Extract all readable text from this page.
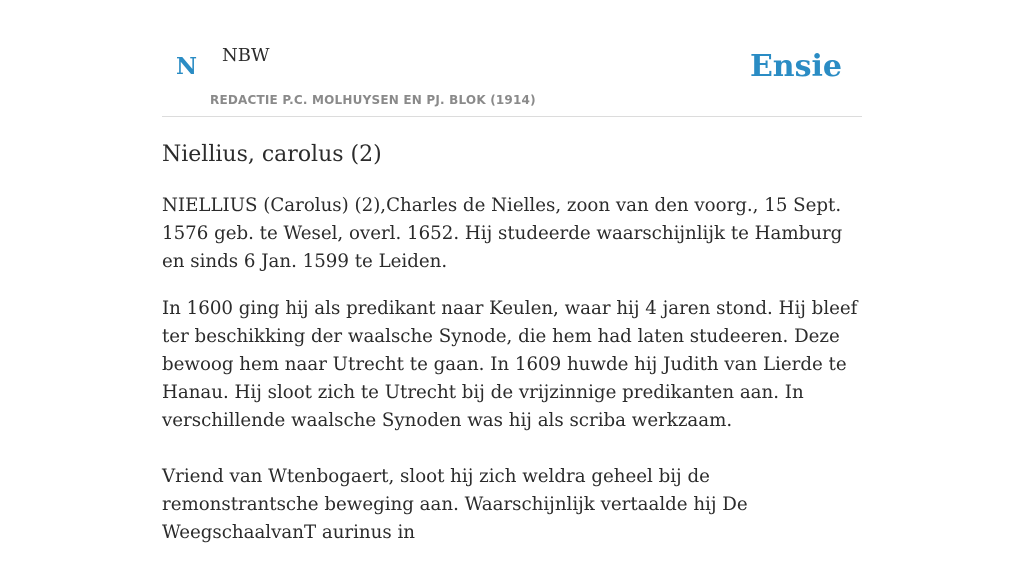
N NBW
REDACTIE P.C. MOLHUYSEN EN PJ. BLOK (1914)
Ensie
Niellius, carolus (2)

NIELLIUS (Carolus) (2),Charles de Nielles, zoon van den voorg., 15 Sept. 1576 geb. te Wesel, overl. 1652. Hij studeerde waarschijnlijk te Hamburg en sinds 6 Jan. 1599 te Leiden.

In 1600 ging hij als predikant naar Keulen, waar hij 4 jaren stond. Hij bleef ter beschikking der waalsche Synode, die hem had laten studeeren. Deze bewoog hem naar Utrecht te gaan. In 1609 huwde hij Judith van Lierde te Hanau. Hij sloot zich te Utrecht bij de vrijzinnige predikanten aan. In verschillende waalsche Synoden was hij als scriba werkzaam.

Vriend van Wtenbogaert, sloot hij zich weldra geheel bij de remonstrantsche beweging aan. Waarschijnlijk vertaalde hij De WeegschaalvanT aurinus in
